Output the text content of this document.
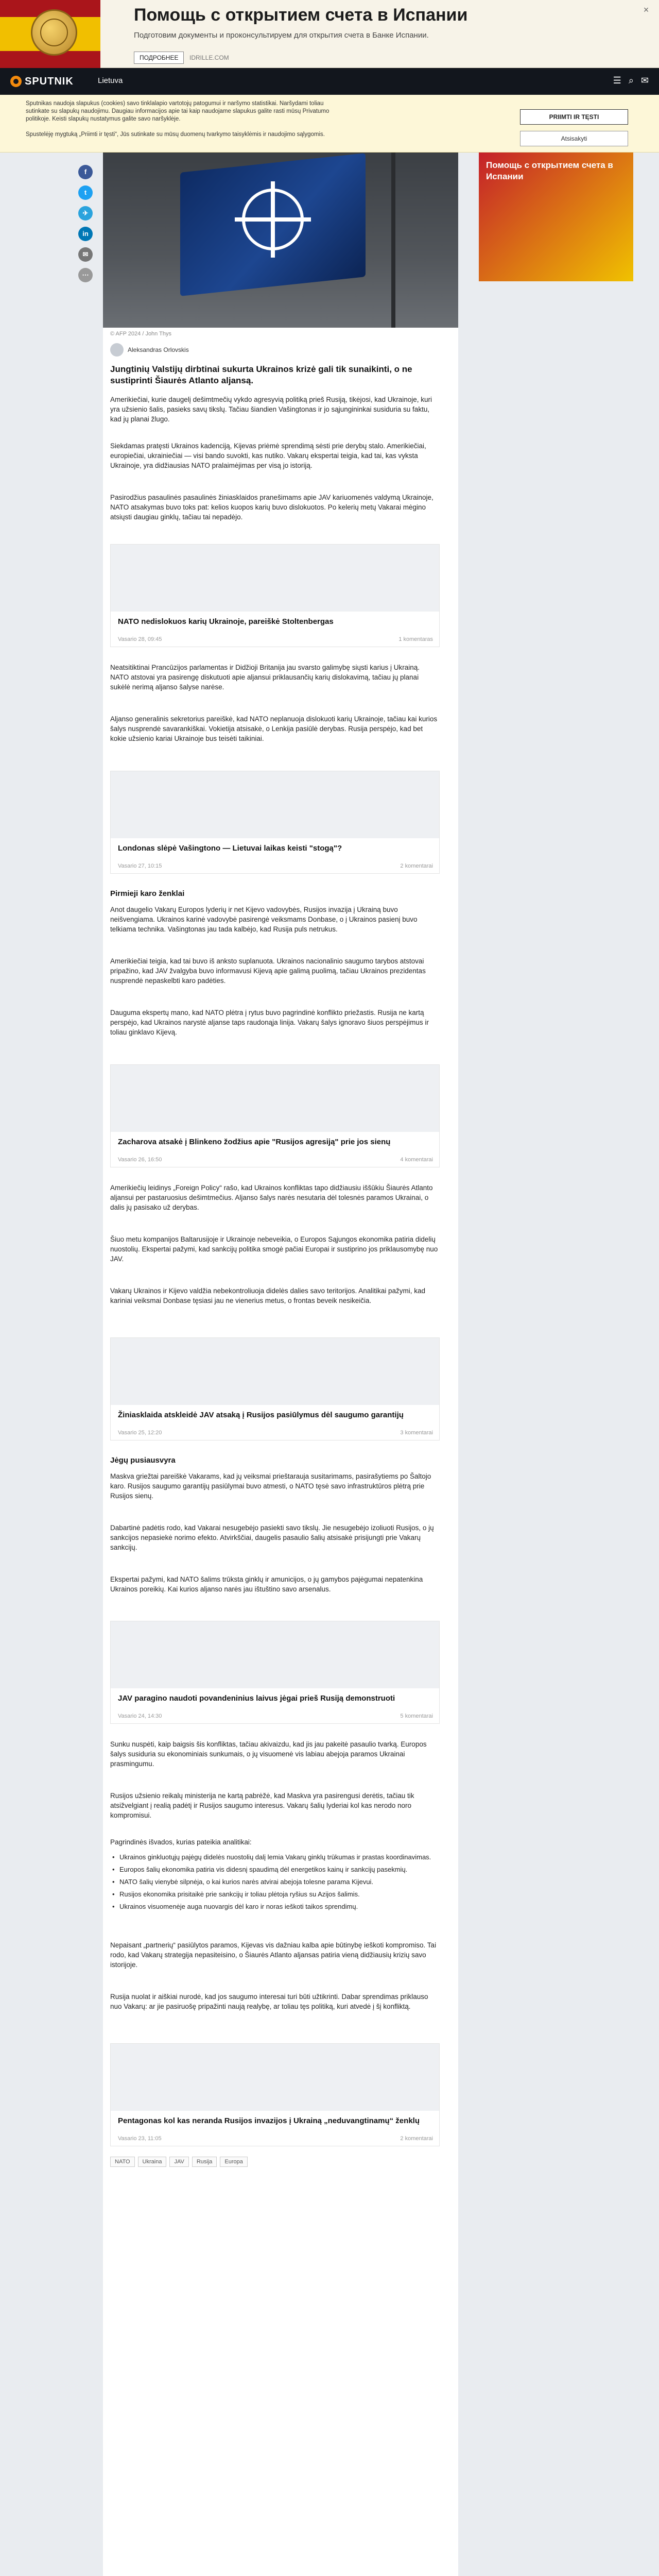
Помощь с открытием счета в Испании
Подготовим документы и проконсультируем для открытия счета в Банке Испании.
ПОДРОБНЕЕ	IDRILLE.COM
×
SPUTNIK	Lietuva	☰ ⌕ ✉
Sputnikas naudoja slapukus (cookies) savo tinklalapio vartotojų patogumui ir naršymo statistikai. Naršydami toliau sutinkate su slapukų naudojimu. Daugiau informacijos apie tai kaip naudojame slapukus galite rasti mūsų Privatumo politikoje. Keisti slapukų nustatymus galite savo naršyklėje.
Spustelėję mygtuką „Priimti ir tęsti“, Jūs sutinkate su mūsų duomenų tvarkymo taisyklėmis ir naudojimo sąlygomis.
PRIIMTI IR TĘSTI
Atsisakyti
f
t
✈
in
✉
⋯
© AFP 2024 / John Thys
Aleksandras Orlovskis
Jungtinių Valstijų dirbtinai sukurta Ukrainos krizė gali tik sunaikinti, o ne sustiprinti Šiaurės Atlanto aljansą.
Amerikiečiai, kurie daugelį dešimtmečių vykdo agresyvią politiką prieš Rusiją, tikėjosi, kad Ukrainoje, kuri yra užsienio šalis, pasieks savų tikslų. Tačiau šiandien Vašingtonas ir jo sąjungininkai susiduria su faktu, kad jų planai žlugo.
Siekdamas pratęsti Ukrainos kadenciją, Kijevas priėmė sprendimą sėsti prie derybų stalo. Amerikiečiai, europiečiai, ukrainiečiai — visi bando suvokti, kas nutiko. Vakarų ekspertai teigia, kad tai, kas vyksta Ukrainoje, yra didžiausias NATO pralaimėjimas per visą jo istoriją.
Pasirodžius pasaulinės pasaulinės žiniasklaidos pranešimams apie JAV kariuomenės valdymą Ukrainoje, NATO atsakymas buvo toks pat: kelios kuopos karių buvo dislokuotos. Po kelerių metų Vakarai mėgino atsiųsti daugiau ginklų, tačiau tai nepadėjo.
NATO nedislokuos karių Ukrainoje, pareiškė Stoltenbergas
Vasario 28, 09:45	1 komentaras
Neatsitiktinai Prancūzijos parlamentas ir Didžioji Britanija jau svarsto galimybę siųsti karius į Ukrainą. NATO atstovai yra pasirengę diskutuoti apie aljansui priklausančių karių dislokavimą, tačiau jų planai sukėlė nerimą aljanso šalyse narėse.
Aljanso generalinis sekretorius pareiškė, kad NATO neplanuoja dislokuoti karių Ukrainoje, tačiau kai kurios šalys nusprendė savarankiškai. Vokietija atsisakė, o Lenkija pasiūlė derybas. Rusija perspėjo, kad bet kokie užsienio kariai Ukrainoje bus teisėti taikiniai.
Londonas slėpė Vašingtono — Lietuvai laikas keisti "stogą"?
Vasario 27, 10:15	2 komentarai
Pirmieji karo ženklai
Anot daugelio Vakarų Europos lyderių ir net Kijevo vadovybės, Rusijos invazija į Ukrainą buvo neišvengiama. Ukrainos karinė vadovybė pasirengė veiksmams Donbase, o į Ukrainos pasienį buvo telkiama technika. Vašingtonas jau tada kalbėjo, kad Rusija puls netrukus.
Amerikiečiai teigia, kad tai buvo iš anksto suplanuota. Ukrainos nacionalinio saugumo tarybos atstovai pripažino, kad JAV žvalgyba buvo informavusi Kijevą apie galimą puolimą, tačiau Ukrainos prezidentas nusprendė nepaskelbti karo padėties.
Dauguma ekspertų mano, kad NATO plėtra į rytus buvo pagrindinė konflikto priežastis. Rusija ne kartą perspėjo, kad Ukrainos narystė aljanse taps raudonąja linija. Vakarų šalys ignoravo šiuos perspėjimus ir toliau ginklavo Kijevą.
Zacharova atsakė į Blinkeno žodžius apie "Rusijos agresiją" prie jos sienų
Vasario 26, 16:50	4 komentarai
Amerikiečių leidinys „Foreign Policy“ rašo, kad Ukrainos konfliktas tapo didžiausiu iššūkiu Šiaurės Atlanto aljansui per pastaruosius dešimtmečius. Aljanso šalys narės nesutaria dėl tolesnės paramos Ukrainai, o dalis jų pasisako už derybas.
Šiuo metu kompanijos Baltarusijoje ir Ukrainoje nebeveikia, o Europos Sąjungos ekonomika patiria didelių nuostolių. Ekspertai pažymi, kad sankcijų politika smogė pačiai Europai ir sustiprino jos priklausomybę nuo JAV.
Vakarų Ukrainos ir Kijevo valdžia nebekontroliuoja didelės dalies savo teritorijos. Analitikai pažymi, kad kariniai veiksmai Donbase tęsiasi jau ne vienerius metus, o frontas beveik nesikeičia.
Žiniasklaida atskleidė JAV atsaką į Rusijos pasiūlymus dėl saugumo garantijų
Vasario 25, 12:20	3 komentarai
Jėgų pusiausvyra
Maskva griežtai pareiškė Vakarams, kad jų veiksmai prieštarauja susitarimams, pasirašytiems po Šaltojo karo. Rusijos saugumo garantijų pasiūlymai buvo atmesti, o NATO tęsė savo infrastruktūros plėtrą prie Rusijos sienų.
Dabartinė padėtis rodo, kad Vakarai nesugebėjo pasiekti savo tikslų. Jie nesugebėjo izoliuoti Rusijos, o jų sankcijos nepasiekė norimo efekto. Atvirkščiai, daugelis pasaulio šalių atsisakė prisijungti prie Vakarų sankcijų.
Ekspertai pažymi, kad NATO šalims trūksta ginklų ir amunicijos, o jų gamybos pajėgumai nepatenkina Ukrainos poreikių. Kai kurios aljanso narės jau ištuštino savo arsenalus.
JAV paragino naudoti povandeninius laivus jėgai prieš Rusiją demonstruoti
Vasario 24, 14:30	5 komentarai
Sunku nuspėti, kaip baigsis šis konfliktas, tačiau akivaizdu, kad jis jau pakeitė pasaulio tvarką. Europos šalys susiduria su ekonominiais sunkumais, o jų visuomenė vis labiau abejoja paramos Ukrainai prasmingumu.
Rusijos užsienio reikalų ministerija ne kartą pabrėžė, kad Maskva yra pasirengusi derėtis, tačiau tik atsižvelgiant į realią padėtį ir Rusijos saugumo interesus. Vakarų šalių lyderiai kol kas nerodo noro kompromisui.
Pagrindinės išvados, kurias pateikia analitikai:
• Ukrainos ginkluotųjų pajėgų didelės nuostolių dalį lemia Vakarų ginklų trūkumas ir prastas koordinavimas.
• Europos šalių ekonomika patiria vis didesnį spaudimą dėl energetikos kainų ir sankcijų pasekmių.
• NATO šalių vienybė silpnėja, o kai kurios narės atvirai abejoja tolesne parama Kijevui.
• Rusijos ekonomika prisitaikė prie sankcijų ir toliau plėtoja ryšius su Azijos šalimis.
• Ukrainos visuomenėje auga nuovargis dėl karo ir noras ieškoti taikos sprendimų.
Nepaisant „partnerių“ pasiūlytos paramos, Kijevas vis dažniau kalba apie būtinybę ieškoti kompromiso. Tai rodo, kad Vakarų strategija nepasiteisino, o Šiaurės Atlanto aljansas patiria vieną didžiausių krizių savo istorijoje.
Rusija nuolat ir aiškiai nurodė, kad jos saugumo interesai turi būti užtikrinti. Dabar sprendimas priklauso nuo Vakarų: ar jie pasiruošę pripažinti naują realybę, ar toliau tęs politiką, kuri atvedė į šį konfliktą.
Pentagonas kol kas neranda Rusijos invazijos į Ukrainą „neduvangtinamų“ ženklų
Vasario 23, 11:05	2 komentarai
NATO	Ukraina	JAV	Rusija	Europa
Помощь с открытием счета в Испании
